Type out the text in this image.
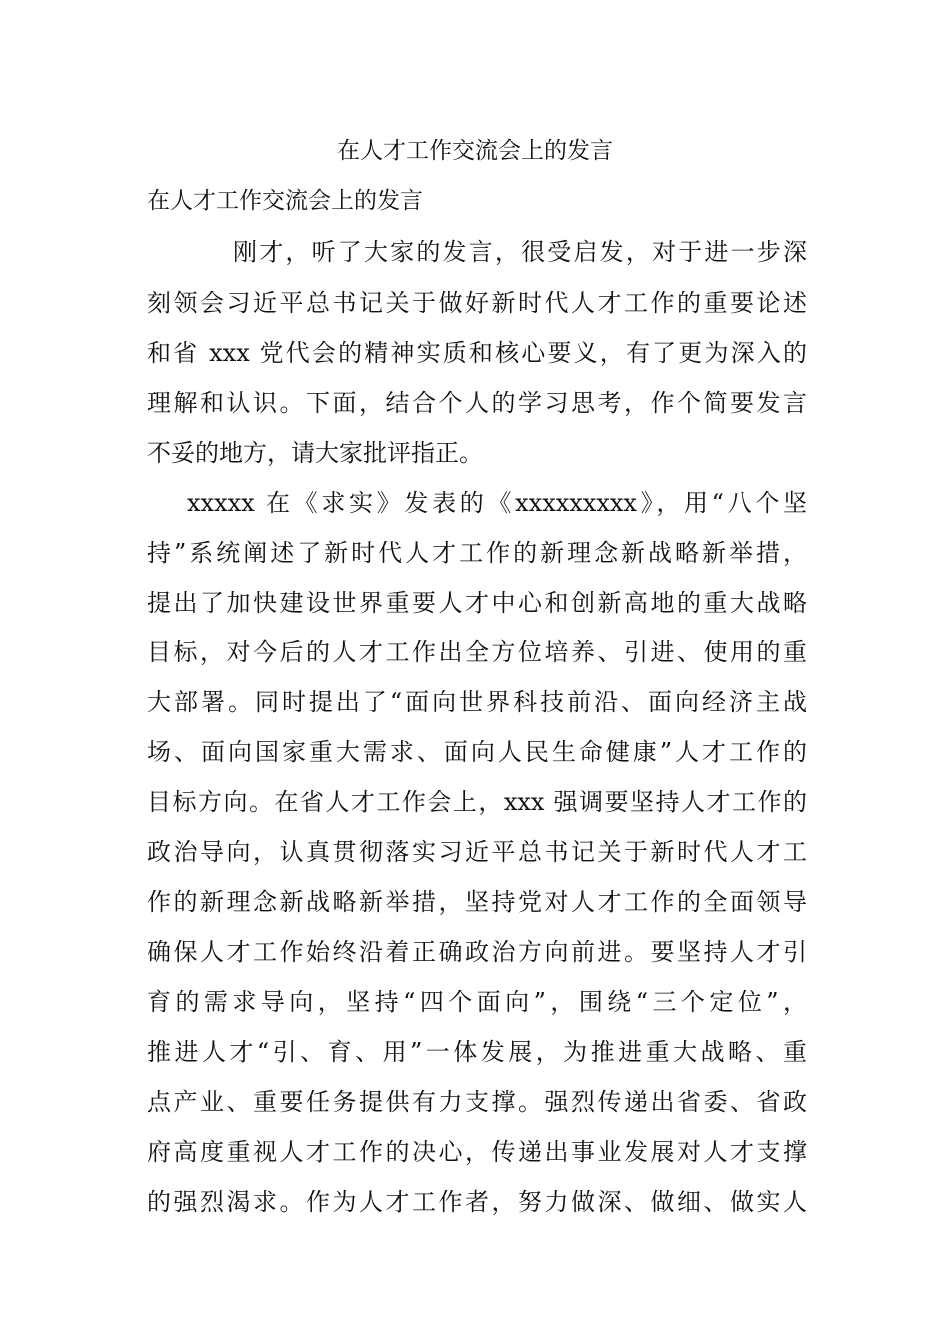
在人才工作交流会上的发言

在人才工作交流会上的发言

刚才，听了大家的发言，很受启发，对于进一步深

刻领会习近平总书记关于做好新时代人才工作的重要论述

和省 xxx 党代会的精神实质和核心要义，有了更为深入的

理解和认识。下面，结合个人的学习思考，作个简要发言

不妥的地方，请大家批评指正。

xxxxx 在《求实》发表的《xxxxxxxxx》，用“八个坚

持”系统阐述了新时代人才工作的新理念新战略新举措，

提出了加快建设世界重要人才中心和创新高地的重大战略

目标，对今后的人才工作出全方位培养、引进、使用的重

大部署。同时提出了“面向世界科技前沿、面向经济主战

场、面向国家重大需求、面向人民生命健康”人才工作的

目标方向。在省人才工作会上，xxx 强调要坚持人才工作的

政治导向，认真贯彻落实习近平总书记关于新时代人才工

作的新理念新战略新举措，坚持党对人才工作的全面领导

确保人才工作始终沿着正确政治方向前进。要坚持人才引

育的需求导向，坚持“四个面向”，围绕“三个定位”，

推进人才“引、育、用”一体发展，为推进重大战略、重

点产业、重要任务提供有力支撑。强烈传递出省委、省政

府高度重视人才工作的决心，传递出事业发展对人才支撑

的强烈渴求。作为人才工作者，努力做深、做细、做实人
